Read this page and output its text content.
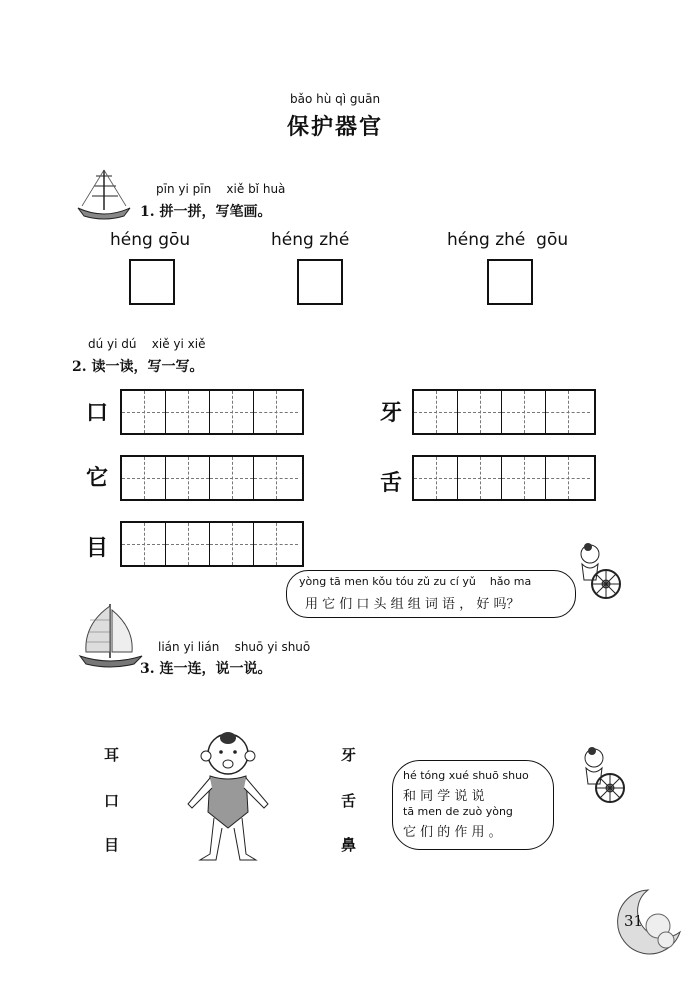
bǎo hù qì guān
保护器官
pīn yi pīn    xiě bǐ huà
1. 拼一拼，写笔画。
héng gōu	héng zhé	héng zhé  gōu
dú yi dú    xiě yi xiě
2. 读一读，写一写。
口	牙
它	舌
目
yòng tā men kǒu tóu zǔ zu cí yǔ    hǎo ma
用 它 们 口 头 组 组 词 语 ， 好 吗？
lián yi lián    shuō yi shuō
3. 连一连，说一说。
耳
口
目
牙
舌
鼻
hé tóng xué shuō shuo
和 同 学 说 说
tā men de zuò yòng
它 们 的 作 用 。
31
